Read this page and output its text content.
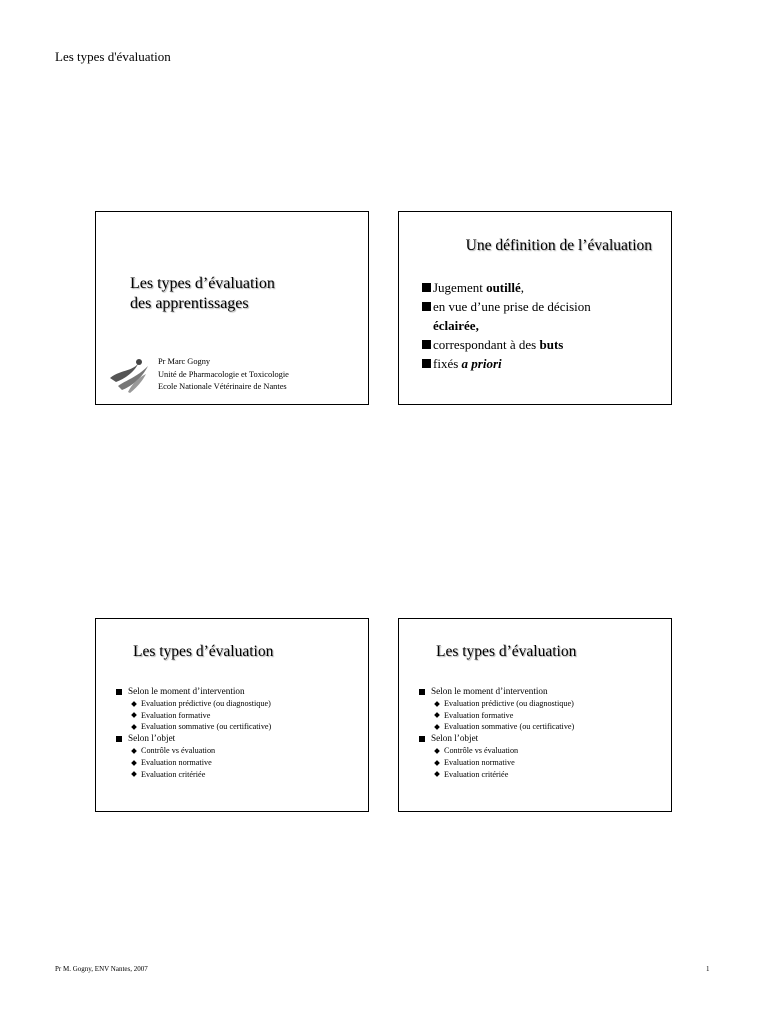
Les types d'évaluation
Les types d’évaluation
des apprentissages
Pr Marc Gogny
Unité de Pharmacologie et Toxicologie
Ecole Nationale Vétérinaire de Nantes
Une définition de l’évaluation
Jugement outillé,
en vue d’une prise de décision
éclairée,
correspondant à des buts
fixés a priori
Les types d’évaluation
Selon le moment d’intervention
Evaluation prédictive (ou diagnostique)
Evaluation formative
Evaluation sommative (ou certificative)
Selon l’objet
Contrôle vs évaluation
Evaluation normative
Evaluation critériée
Les types d’évaluation
Selon le moment d’intervention
Evaluation prédictive (ou diagnostique)
Evaluation formative
Evaluation sommative (ou certificative)
Selon l’objet
Contrôle vs évaluation
Evaluation normative
Evaluation critériée
Pr M. Gogny, ENV Nantes, 2007	1
